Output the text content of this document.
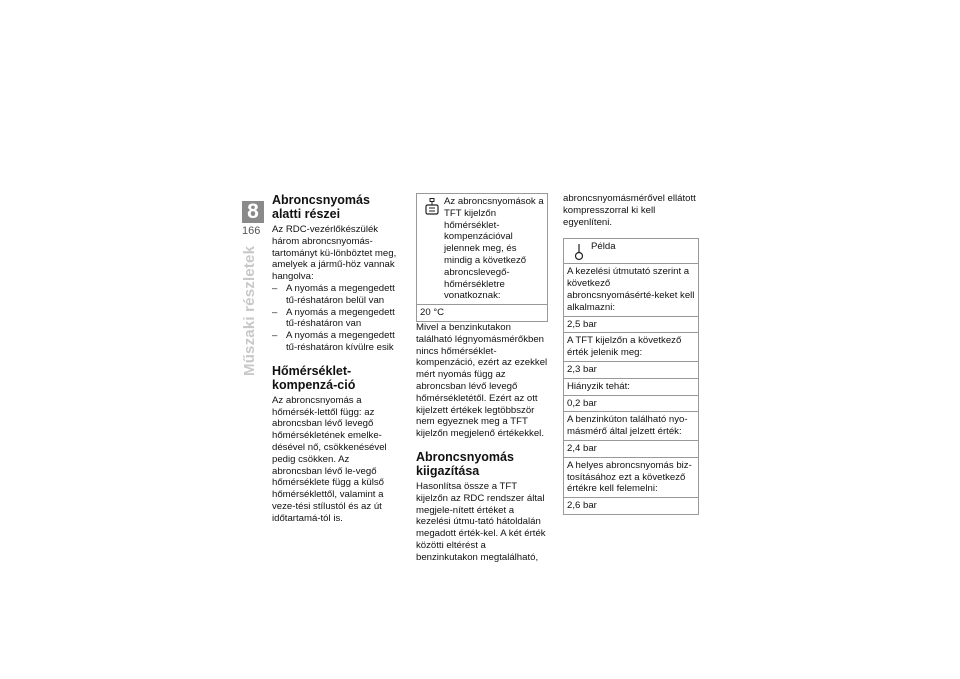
8
166
Műszaki részletek
Abroncsnyomás alatti részei

Az RDC-vezérlőkészülék három abroncsnyomás-tartományt kü-lönböztet meg, amelyek a jármű-höz vannak hangolva:

– A nyomás a megengedett tű-réshatáron belül van
– A nyomás a megengedett tű-réshatáron van
– A nyomás a megengedett tű-réshatáron kívülre esik
Hőmérséklet-kompenzá-ció

Az abroncsnyomás a hőmérsék-lettől függ: az abroncsban lévő levegő hőmérsékletének emelke-désével nő, csökkenésével pedig csökken. Az abroncsban lévő le-vegő hőmérséklete függ a külső hőmérséklettől, valamint a veze-tési stílustól és az út időtartamá-tól is.

Az abroncsnyomások a TFT kijelzőn hőmérséklet-kompenzációval jelennek meg, és mindig a következő abroncslevegő-hőmérsékletre vonatkoznak:
20 °C

Mivel a benzinkutakon található légnyomásmérőkben nincs hőmérséklet-kompenzáció, ezért az ezekkel mért nyomás függ az abroncsban lévő levegő hőmérsékletétől. Ezért az ott kijelzett értékek legtöbbször nem egyeznek meg a TFT kijelzőn megjelenő értékekkel.

Abroncsnyomás kiigazítása

Hasonlítsa össze a TFT kijelzőn az RDC rendszer által megjele-nített értéket a kezelési útmu-tató hátoldalán megadott érték-kel. A két érték közötti eltérést a benzinkutakon megtalálható,

abroncsnyomásmérővel ellátott kompresszorral ki kell egyenlíteni.

Példa
A kezelési útmutató szerint a következő abroncsnyomásérté-keket kell alkalmazni:
2,5 bar
A TFT kijelzőn a következő érték jelenik meg:
2,3 bar
Hiányzik tehát:
0,2 bar
A benzinkúton található nyo-másmérő által jelzett érték:
2,4 bar
A helyes abroncsnyomás biz-tosításához ezt a következő értékre kell felemelni:
2,6 bar
